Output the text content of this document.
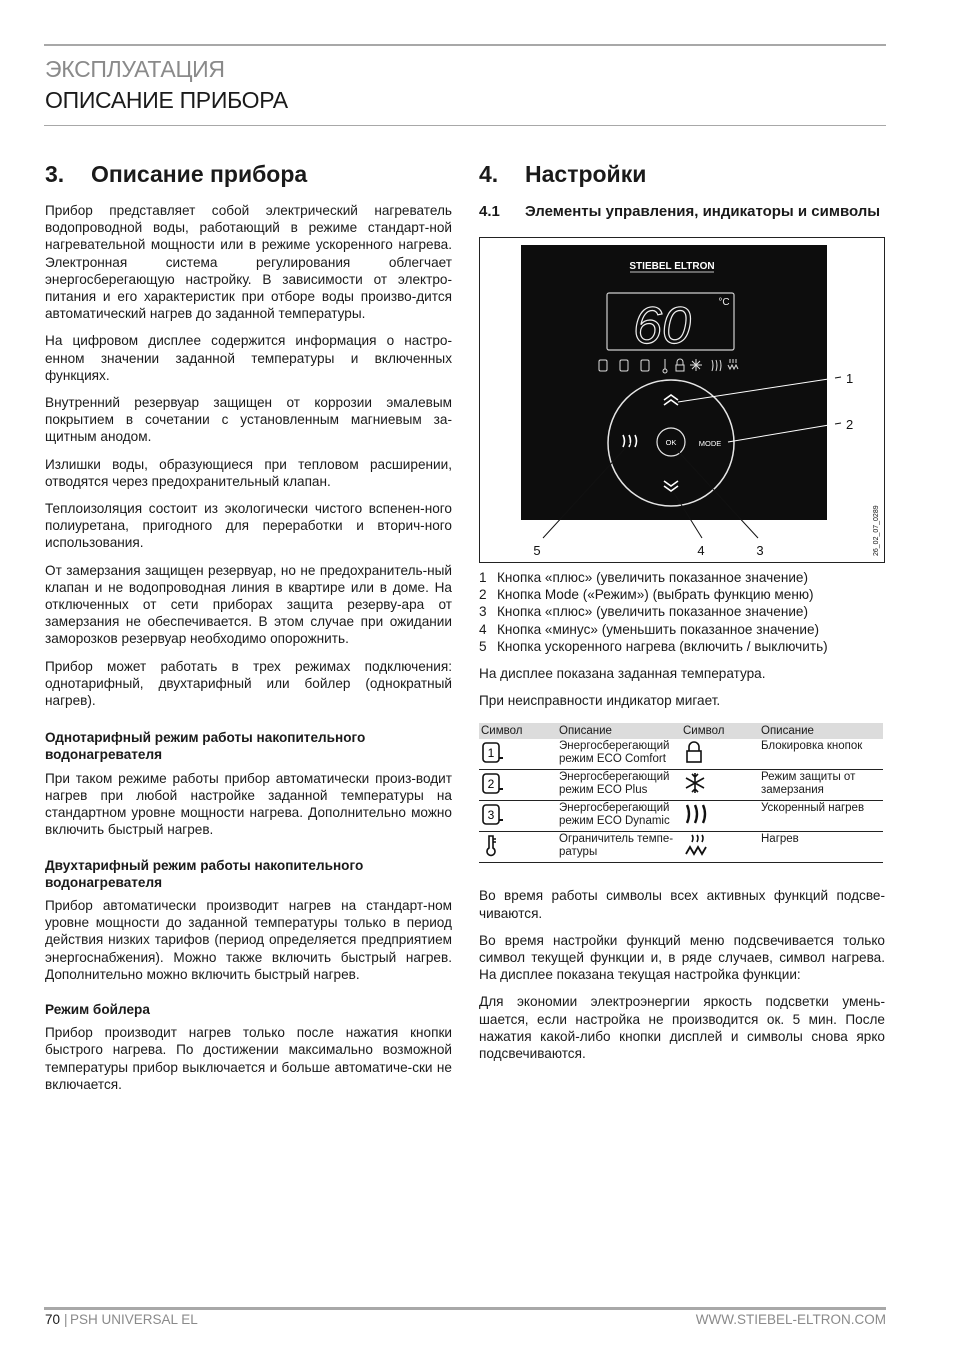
ЭКСПЛУАТАЦИЯ
ОПИСАНИЕ ПРИБОРА
3. Описание прибора

Прибор представляет собой электрический нагреватель водопроводной воды, работающий в режиме стандарт-ной нагревательной мощности или в режиме ускоренного нагрева. Электронная система регулирования облегчает энергосберегающую настройку. В зависимости от электро-питания и его характеристик при отборе воды произво-дится автоматический нагрев до заданной температуры.

На цифровом дисплее содержится информация о настро-енном значении заданной температуры и включенных функциях.

Внутренний резервуар защищен от коррозии эмалевым покрытием в сочетании с установленным магниевым за-щитным анодом.

Излишки воды, образующиеся при тепловом расширении, отводятся через предохранительный клапан.

Теплоизоляция состоит из экологически чистого вспенен-ного полиуретана, пригодного для переработки и вторич-ного использования.

От замерзания защищен резервуар, но не предохранитель-ный клапан и не водопроводная линия в квартире или в доме. На отключенных от сети приборах защита резерву-ара от замерзания не обеспечивается. В этом случае при ожидании заморозков резервуар необходимо опорожнить.

Прибор может работать в трех режимах подключения: однотарифный, двухтарифный или бойлер (однократный нагрев).

Однотарифный режим работы накопительного водонагревателя

При таком режиме работы прибор автоматически произ-водит нагрев при любой настройке заданной температуры на стандартном уровне мощности нагрева. Дополнительно можно включить быстрый нагрев.

Двухтарифный режим работы накопительного водонагревателя

Прибор автоматически производит нагрев на стандарт-ном уровне мощности до заданной температуры только в период действия низких тарифов (период определяется предприятием энергоснабжения). Можно также включить быстрый нагрев. Дополнительно можно включить быстрый нагрев.

Режим бойлера

Прибор производит нагрев только после нажатия кнопки быстрого нагрева. По достижении максимально возможной температуры прибор выключается и больше автоматиче-ски не включается.

4. Настройки
4.1	Элементы управления, индикаторы и символы
STIEBEL ELTRON
60	°C
OK	MODE
1
2
3
4
5	26_02_07_0289
1 Кнопка «плюс» (увеличить показанное значение)
2 Кнопка Mode («Режим») (выбрать функцию меню)
3 Кнопка «плюс» (увеличить показанное значение)
4 Кнопка «минус» (уменьшить показанное значение)
5 Кнопка ускоренного нагрева (включить / выключить)

На дисплее показана заданная температура.

При неисправности индикатор мигает.

Символ	Описание	Символ	Описание

1	Энергосберегающий режим ECO Comfort		Блокировка кнопок

2	Энергосберегающий режим ECO Plus		Режим защиты от замерзания

3	Энергосберегающий режим ECO Dynamic		Ускоренный нагрев
	Ограничитель темпе-ратуры		Нагрев

Во время работы символы всех активных функций подсве-чиваются.

Во время настройки функций меню подсвечивается только символ текущей функции и, в ряде случаев, символ нагрева. На дисплее показана текущая настройка функции:

Для экономии электроэнергии яркость подсветки умень-шается, если настройка не производится ок. 5 мин. После нажатия какой-либо кнопки дисплей и символы снова ярко подсвечиваются.

70 | PSH UNIVERSAL EL	WWW.STIEBEL-ELTRON.COM
